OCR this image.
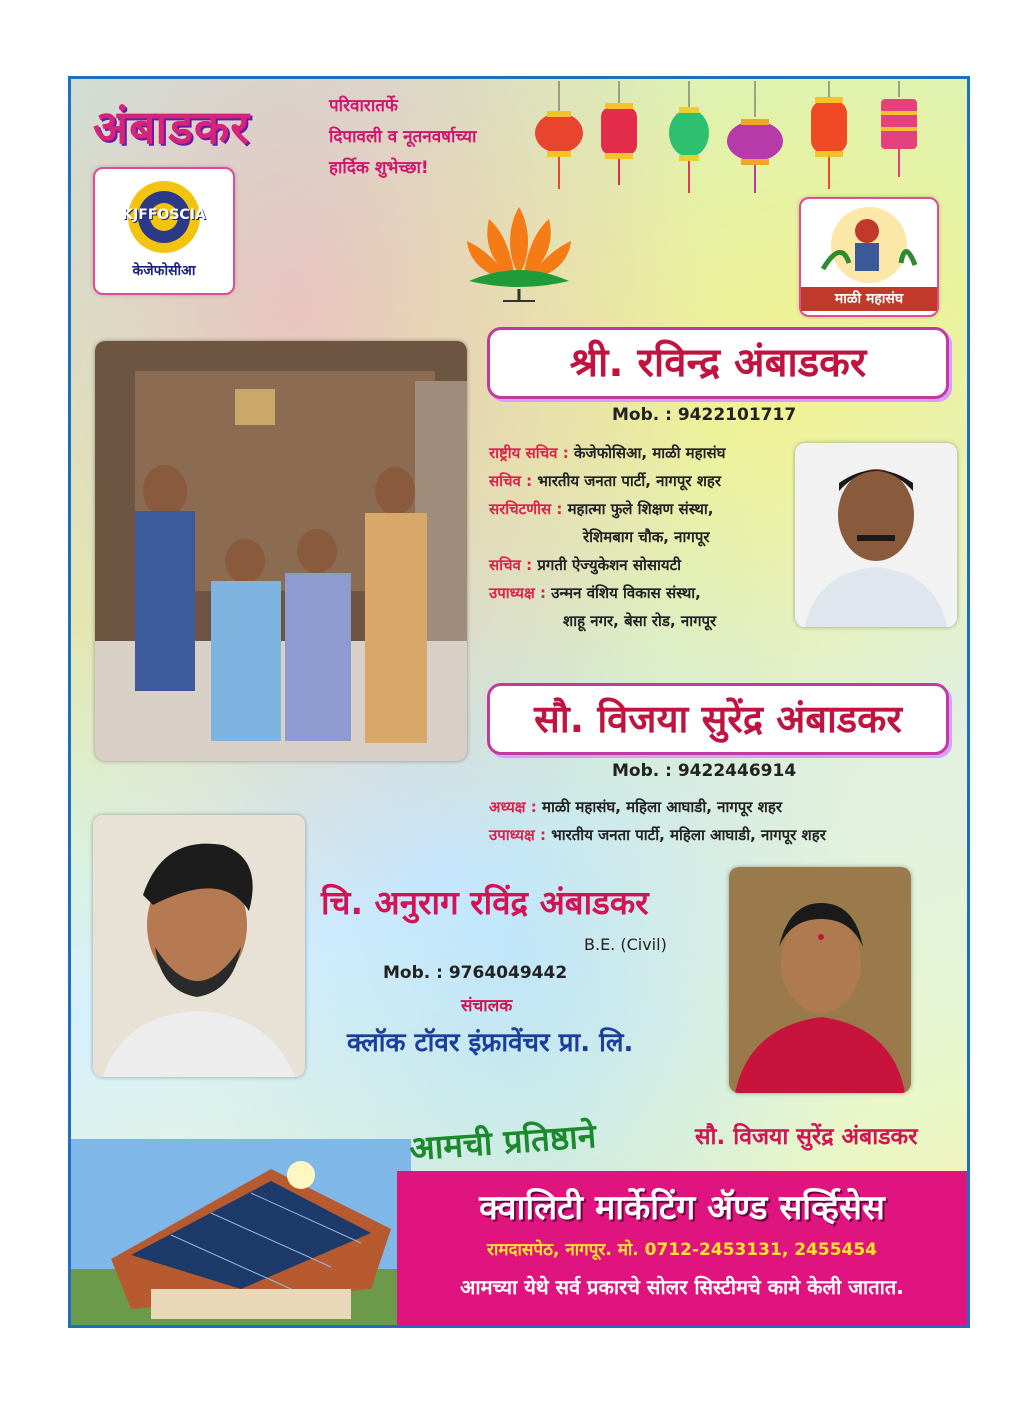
अंबाडकर	परिवारातर्फे
दिपावली व नूतनवर्षाच्या
हार्दिक शुभेच्छा!
KJFFOSCIA
केजेफोसीआ
माळी महासंघ
श्री. रविन्द्र अंबाडकर
Mob. : 9422101717
राष्ट्रीय सचिव : केजेफोसिआ, माळी महासंघ
सचिव : भारतीय जनता पार्टी, नागपूर शहर
सरचिटणीस : महात्मा फुले शिक्षण संस्था,
रेशिमबाग चौक, नागपूर
सचिव : प्रगती ऐज्युकेशन सोसायटी
उपाध्यक्ष : उन्मन वंशिय विकास संस्था,
शाहू नगर, बेसा रोड, नागपूर
सौ. विजया सुरेंद्र अंबाडकर
Mob. : 9422446914
अध्यक्ष : माळी महासंघ, महिला आघाडी, नागपूर शहर
उपाध्यक्ष : भारतीय जनता पार्टी, महिला आघाडी, नागपूर शहर
चि. अनुराग रविंद्र अंबाडकर
B.E. (Civil)
Mob. : 9764049442
संचालक
क्लॉक टॉवर इंफ्रावेंचर प्रा. लि.
सौ. विजया सुरेंद्र अंबाडकर
आमची प्रतिष्ठाने
क्वालिटी मार्केटिंग ॲण्ड सर्व्हिसेस
रामदासपेठ, नागपूर. मो. 0712-2453131, 2455454
आमच्या येथे सर्व प्रकारचे सोलर सिस्टीमचे कामे केली जातात.
